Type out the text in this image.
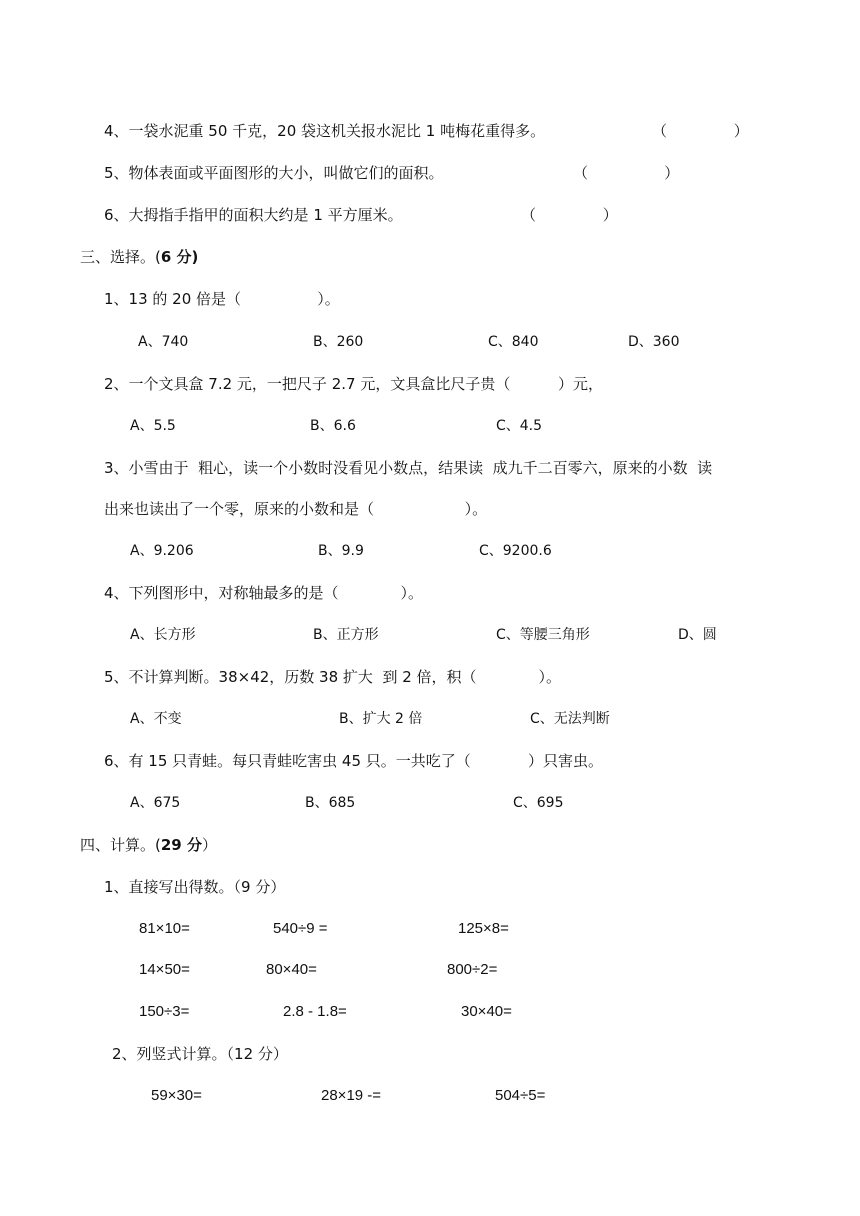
4、一袋水泥重 50 千克，20 袋这机关报水泥比 1 吨梅花重得多。	（              ）
5、物体表面或平面图形的大小，叫做它们的面积。	（                ）
6、大拇指手指甲的面积大约是 1 平方厘米。	（              ）
三、选择。(6 分)
1、13 的 20 倍是（                ）。
A、740	B、260	C、840	D、360
2、一个文具盒 7.2 元，一把尺子 2.7 元，文具盒比尺子贵（          ）元，
A、5.5	B、6.6	C、4.5
3、小雪由于  粗心，读一个小数时没看见小数点，结果读  成九千二百零六，原来的小数  读
出来也读出了一个零，原来的小数和是（                   ）。
A、9.206	B、9.9	C、9200.6
4、下列图形中，对称轴最多的是（             ）。
A、长方形	B、正方形	C、等腰三角形	D、圆
5、不计算判断。38×42，历数 38 扩大  到 2 倍，积（             ）。
A、不变	B、扩大 2 倍	C、无法判断
6、有 15 只青蛙。每只青蛙吃害虫 45 只。一共吃了（            ）只害虫。
A、675	B、685	C、695
四、计算。(29 分）
1、直接写出得数。（9 分）
81×10=	540÷9 =	125×8=
14×50=	80×40=	800÷2=
150÷3=	2.8 - 1.8=	30×40=
2、列竖式计算。（12 分）
59×30=	28×19 -=	504÷5=
